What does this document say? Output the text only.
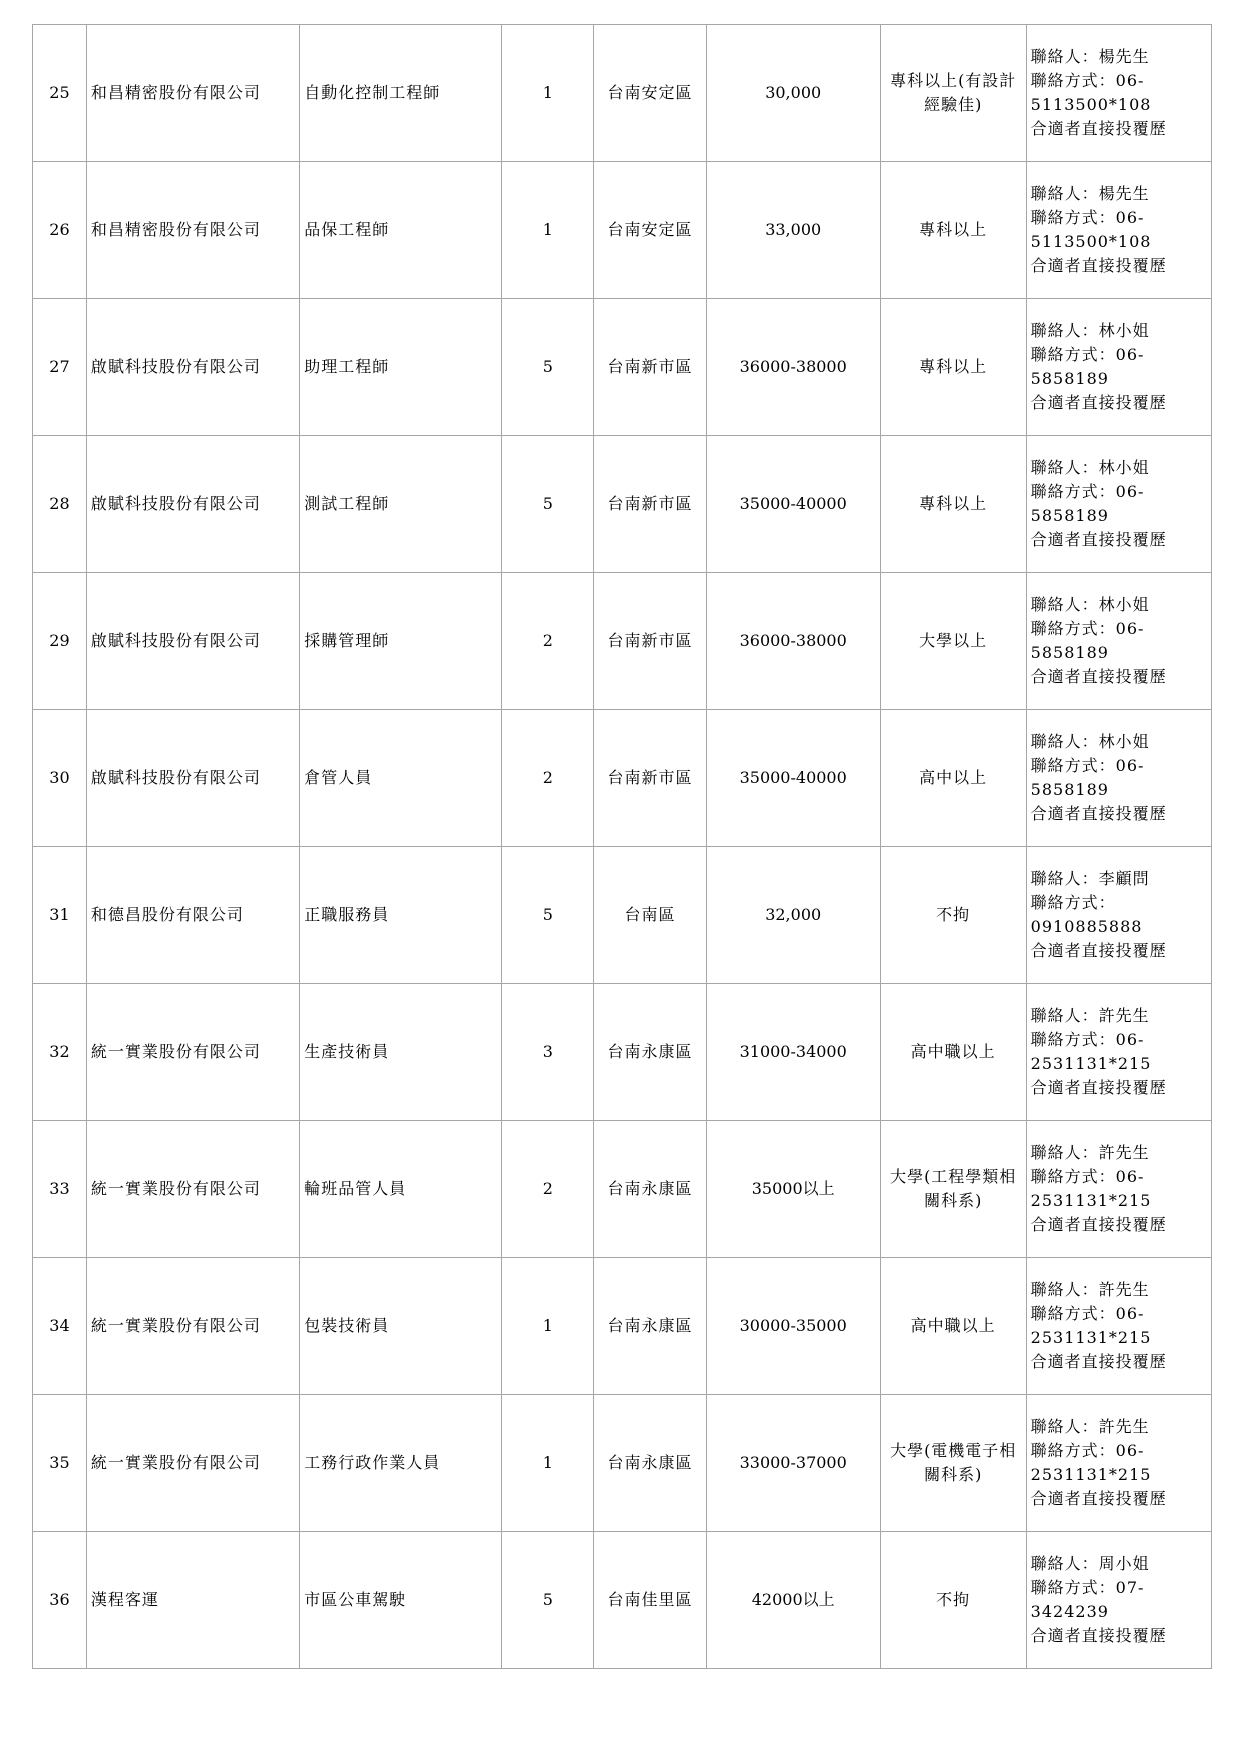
25	和昌精密股份有限公司	自動化控制工程師	1	台南安定區	30,000	專科以上(有設計經驗佳)	聯絡人：楊先生
聯絡方式：06-
5113500*108
合適者直接投覆歷

26	和昌精密股份有限公司	品保工程師	1	台南安定區	33,000	專科以上	聯絡人：楊先生
聯絡方式：06-
5113500*108
合適者直接投覆歷

27	啟賦科技股份有限公司	助理工程師	5	台南新市區	36000-38000	專科以上	聯絡人：林小姐
聯絡方式：06-
5858189
合適者直接投覆歷

28	啟賦科技股份有限公司	測試工程師	5	台南新市區	35000-40000	專科以上	聯絡人：林小姐
聯絡方式：06-
5858189
合適者直接投覆歷

29	啟賦科技股份有限公司	採購管理師	2	台南新市區	36000-38000	大學以上	聯絡人：林小姐
聯絡方式：06-
5858189
合適者直接投覆歷

30	啟賦科技股份有限公司	倉管人員	2	台南新市區	35000-40000	高中以上	聯絡人：林小姐
聯絡方式：06-
5858189
合適者直接投覆歷

31	和德昌股份有限公司	正職服務員	5	台南區	32,000	不拘	聯絡人：李顧問
聯絡方式：
0910885888
合適者直接投覆歷

32	統一實業股份有限公司	生產技術員	3	台南永康區	31000-34000	高中職以上	聯絡人：許先生
聯絡方式：06-
2531131*215
合適者直接投覆歷

33	統一實業股份有限公司	輪班品管人員	2	台南永康區	35000以上	大學(工程學類相關科系)	聯絡人：許先生
聯絡方式：06-
2531131*215
合適者直接投覆歷

34	統一實業股份有限公司	包裝技術員	1	台南永康區	30000-35000	高中職以上	聯絡人：許先生
聯絡方式：06-
2531131*215
合適者直接投覆歷

35	統一實業股份有限公司	工務行政作業人員	1	台南永康區	33000-37000	大學(電機電子相關科系)	聯絡人：許先生
聯絡方式：06-
2531131*215
合適者直接投覆歷

36	漢程客運	市區公車駕駛	5	台南佳里區	42000以上	不拘	聯絡人：周小姐
聯絡方式：07-
3424239
合適者直接投覆歷
